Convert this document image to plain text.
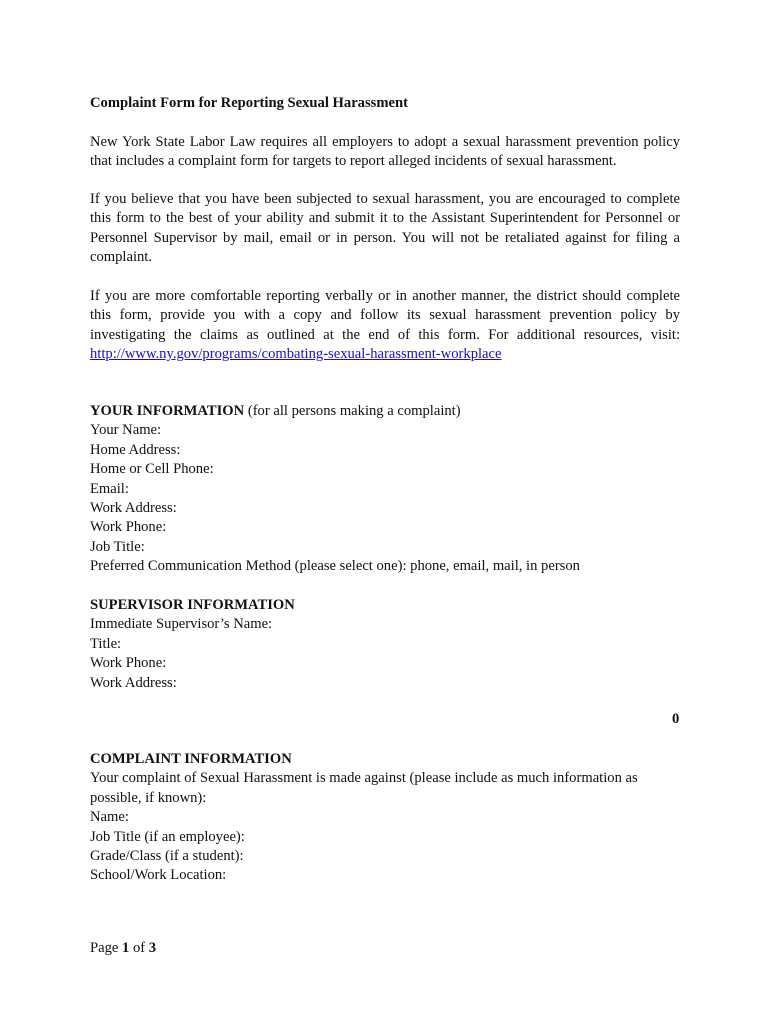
Complaint Form for Reporting Sexual Harassment
New York State Labor Law requires all employers to adopt a sexual harassment prevention policy that includes a complaint form for targets to report alleged incidents of sexual harassment.
If you believe that you have been subjected to sexual harassment, you are encouraged to complete this form to the best of your ability and submit it to the Assistant Superintendent for Personnel or Personnel Supervisor by mail, email or in person. You will not be retaliated against for filing a complaint.
If you are more comfortable reporting verbally or in another manner, the district should complete this form, provide you with a copy and follow its sexual harassment prevention policy by investigating the claims as outlined at the end of this form. For additional resources, visit: http://www.ny.gov/programs/combating-sexual-harassment-workplace
YOUR INFORMATION (for all persons making a complaint)
Your Name:
Home Address:
Home or Cell Phone:
Email:
Work Address:
Work Phone:
Job Title:
Preferred Communication Method (please select one): phone, email, mail, in person
SUPERVISOR INFORMATION
Immediate Supervisor’s Name:
Title:
Work Phone:
Work Address:
0
COMPLAINT INFORMATION
Your complaint of Sexual Harassment is made against (please include as much information as possible, if known):
Name:
Job Title (if an employee):
Grade/Class (if a student):
School/Work Location:
Page 1 of 3
